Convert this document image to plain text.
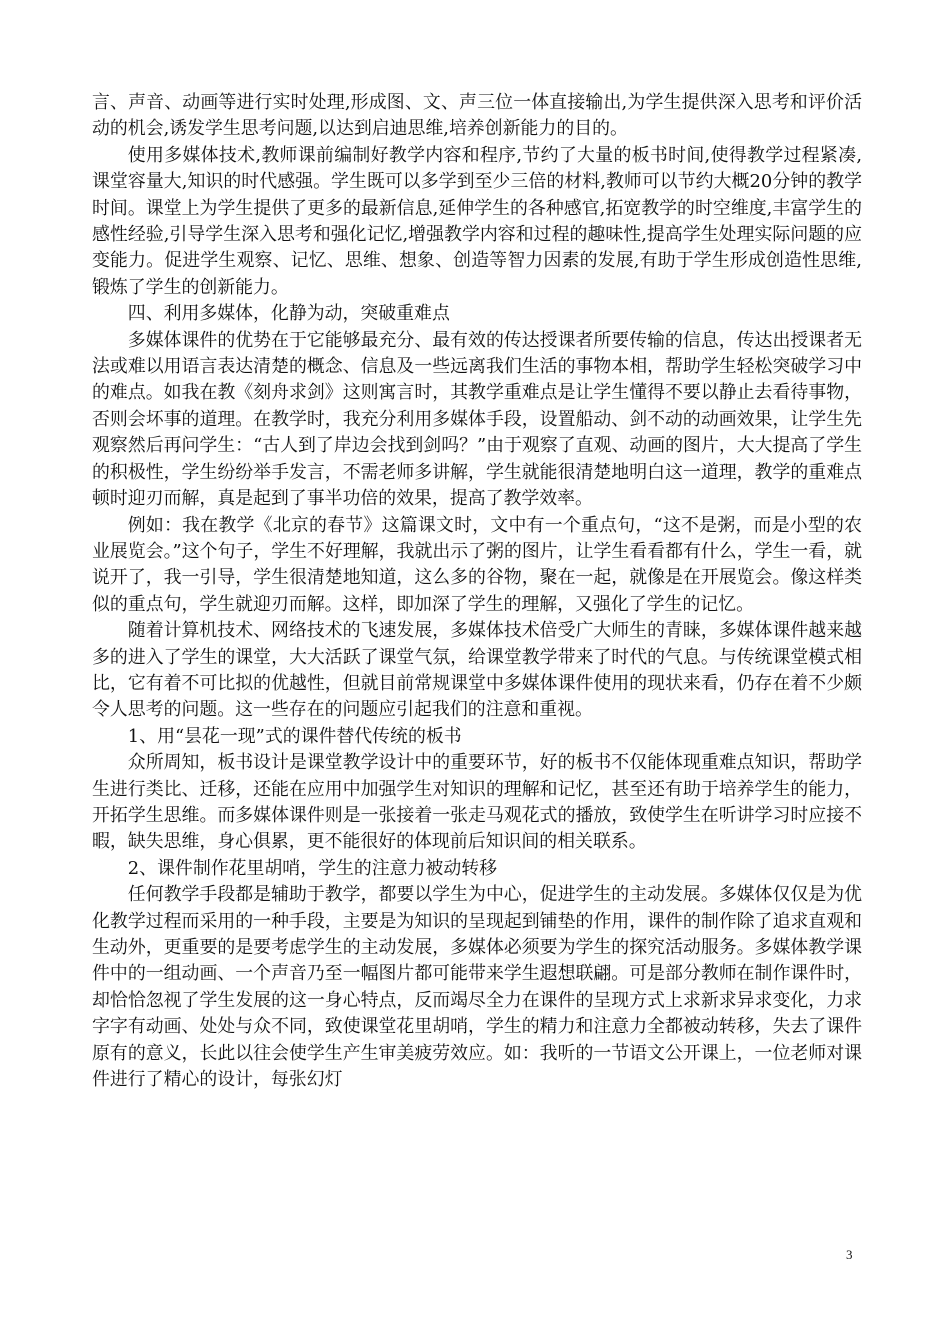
言、声音、动画等进行实时处理,形成图、文、声三位一体直接输出,为学生提供深入思考和评价活动的机会,诱发学生思考问题,以达到启迪思维,培养创新能力的目的。

使用多媒体技术,教师课前编制好教学内容和程序,节约了大量的板书时间,使得教学过程紧凑,课堂容量大,知识的时代感强。学生既可以多学到至少三倍的材料,教师可以节约大概20分钟的教学时间。课堂上为学生提供了更多的最新信息,延伸学生的各种感官,拓宽教学的时空维度,丰富学生的感性经验,引导学生深入思考和强化记忆,增强教学内容和过程的趣味性,提高学生处理实际问题的应变能力。促进学生观察、记忆、思维、想象、创造等智力因素的发展,有助于学生形成创造性思维,锻炼了学生的创新能力。

四、利用多媒体，化静为动，突破重难点

多媒体课件的优势在于它能够最充分、最有效的传达授课者所要传输的信息，传达出授课者无法或难以用语言表达清楚的概念、信息及一些远离我们生活的事物本相，帮助学生轻松突破学习中的难点。如我在教《刻舟求剑》这则寓言时，其教学重难点是让学生懂得不要以静止去看待事物，否则会坏事的道理。在教学时，我充分利用多媒体手段，设置船动、剑不动的动画效果，让学生先观察然后再问学生：“古人到了岸边会找到剑吗？”由于观察了直观、动画的图片，大大提高了学生的积极性，学生纷纷举手发言，不需老师多讲解，学生就能很清楚地明白这一道理，教学的重难点顿时迎刃而解，真是起到了事半功倍的效果，提高了教学效率。

例如：我在教学《北京的春节》这篇课文时，文中有一个重点句，“这不是粥，而是小型的农业展览会。”这个句子，学生不好理解，我就出示了粥的图片，让学生看看都有什么，学生一看，就说开了，我一引导，学生很清楚地知道，这么多的谷物，聚在一起，就像是在开展览会。像这样类似的重点句，学生就迎刃而解。这样，即加深了学生的理解，又强化了学生的记忆。

随着计算机技术、网络技术的飞速发展，多媒体技术倍受广大师生的青睐，多媒体课件越来越多的进入了学生的课堂，大大活跃了课堂气氛，给课堂教学带来了时代的气息。与传统课堂模式相比，它有着不可比拟的优越性，但就目前常规课堂中多媒体课件使用的现状来看，仍存在着不少颇令人思考的问题。这一些存在的问题应引起我们的注意和重视。

1、用“昙花一现”式的课件替代传统的板书

众所周知，板书设计是课堂教学设计中的重要环节，好的板书不仅能体现重难点知识，帮助学生进行类比、迁移，还能在应用中加强学生对知识的理解和记忆，甚至还有助于培养学生的能力，开拓学生思维。而多媒体课件则是一张接着一张走马观花式的播放，致使学生在听讲学习时应接不暇，缺失思维，身心俱累，更不能很好的体现前后知识间的相关联系。

2、课件制作花里胡哨，学生的注意力被动转移

任何教学手段都是辅助于教学，都要以学生为中心，促进学生的主动发展。多媒体仅仅是为优化教学过程而采用的一种手段，主要是为知识的呈现起到铺垫的作用，课件的制作除了追求直观和生动外，更重要的是要考虑学生的主动发展，多媒体必须要为学生的探究活动服务。多媒体教学课件中的一组动画、一个声音乃至一幅图片都可能带来学生遐想联翩。可是部分教师在制作课件时，却恰恰忽视了学生发展的这一身心特点，反而竭尽全力在课件的呈现方式上求新求异求变化，力求字字有动画、处处与众不同，致使课堂花里胡哨，学生的精力和注意力全都被动转移，失去了课件原有的意义，长此以往会使学生产生审美疲劳效应。如：我听的一节语文公开课上，一位老师对课件进行了精心的设计，每张幻灯

3
